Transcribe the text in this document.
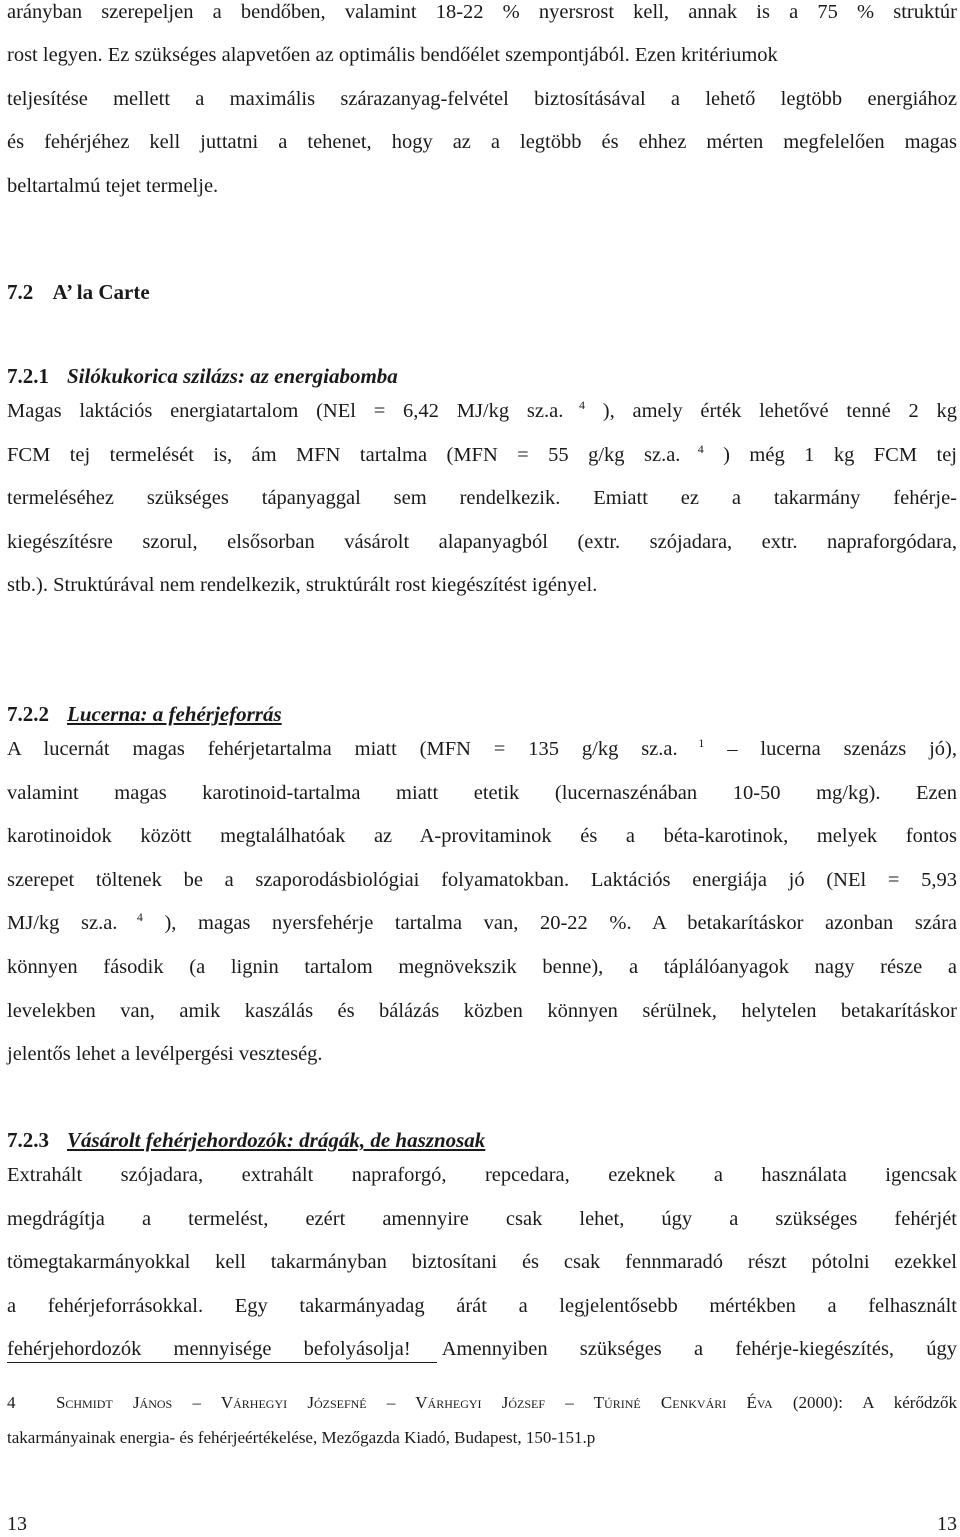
arányban szerepeljen a bendőben, valamint 18-22 % nyersrost kell, annak is a 75 % struktúr
rost legyen. Ez szükséges alapvetően az optimális bendőélet szempontjából. Ezen kritériumok
teljesítése mellett a maximális szárazanyag-felvétel biztosításával a lehető legtöbb energiához
és fehérjéhez kell juttatni a tehenet, hogy az a legtöbb és ehhez mérten megfelelően magas
beltartalmú tejet termelje.
7.2 A’ la Carte
7.2.1 Silókukorica szilázs: az energiabomba
Magas laktációs energiatartalom (NEl = 6,42 MJ/kg sz.a. $^4$ ), amely érték lehetővé tenné 2 kg
FCM tej termelését is, ám MFN tartalma (MFN = 55 g/kg sz.a. $^4$ ) még 1 kg FCM tej
termeléséhez szükséges tápanyaggal sem rendelkezik. Emiatt ez a takarmány fehérje-
kiegészítésre szorul, elsősorban vásárolt alapanyagból (extr. szójadara, extr. napraforgódara,
stb.). Struktúrával nem rendelkezik, struktúrált rost kiegészítést igényel.
7.2.2 Lucerna: a fehérjeforrás
A lucernát magas fehérjetartalma miatt (MFN = 135 g/kg sz.a. $^1$ – lucerna szenázs jó),
valamint magas karotinoid-tartalma miatt etetik (lucernaszénában 10-50 mg/kg). Ezen
karotinoidok között megtalálhatóak az A-provitaminok és a béta-karotinok, melyek fontos
szerepet töltenek be a szaporodásbiológiai folyamatokban. Laktációs energiája jó (NEl = 5,93
MJ/kg sz.a. $^4$ ), magas nyersfehérje tartalma van, 20-22 %. A betakarításkor azonban szára
könnyen fásodik (a lignin tartalom megnövekszik benne), a táplálóanyagok nagy része a
levelekben van, amik kaszálás és bálázás közben könnyen sérülnek, helytelen betakarításkor
jelentős lehet a levélpergési veszteség.
7.2.3 Vásárolt fehérjehordozók: drágák, de hasznosak
Extrahált szójadara, extrahált napraforgó, repcedara, ezeknek a használata igencsak
megdrágítja a termelést, ezért amennyire csak lehet, úgy a szükséges fehérjét
tömegtakarmányokkal kell takarmányban biztosítani és csak fennmaradó részt pótolni ezekkel
a fehérjeforrásokkal. Egy takarmányadag árát a legjelentősebb mértékben a felhasznált
fehérjehordozók mennyisége befolyásolja! Amennyiben szükséges a fehérje-kiegészítés, úgy
4 Schmidt János – Várhegyi Józsefné – Várhegyi József – Túriné Cenkvári Éva (2000): A kérődzők
takarmányainak energia- és fehérjeértékelése, Mezőgazda Kiadó, Budapest, 150-151.p
13	13
